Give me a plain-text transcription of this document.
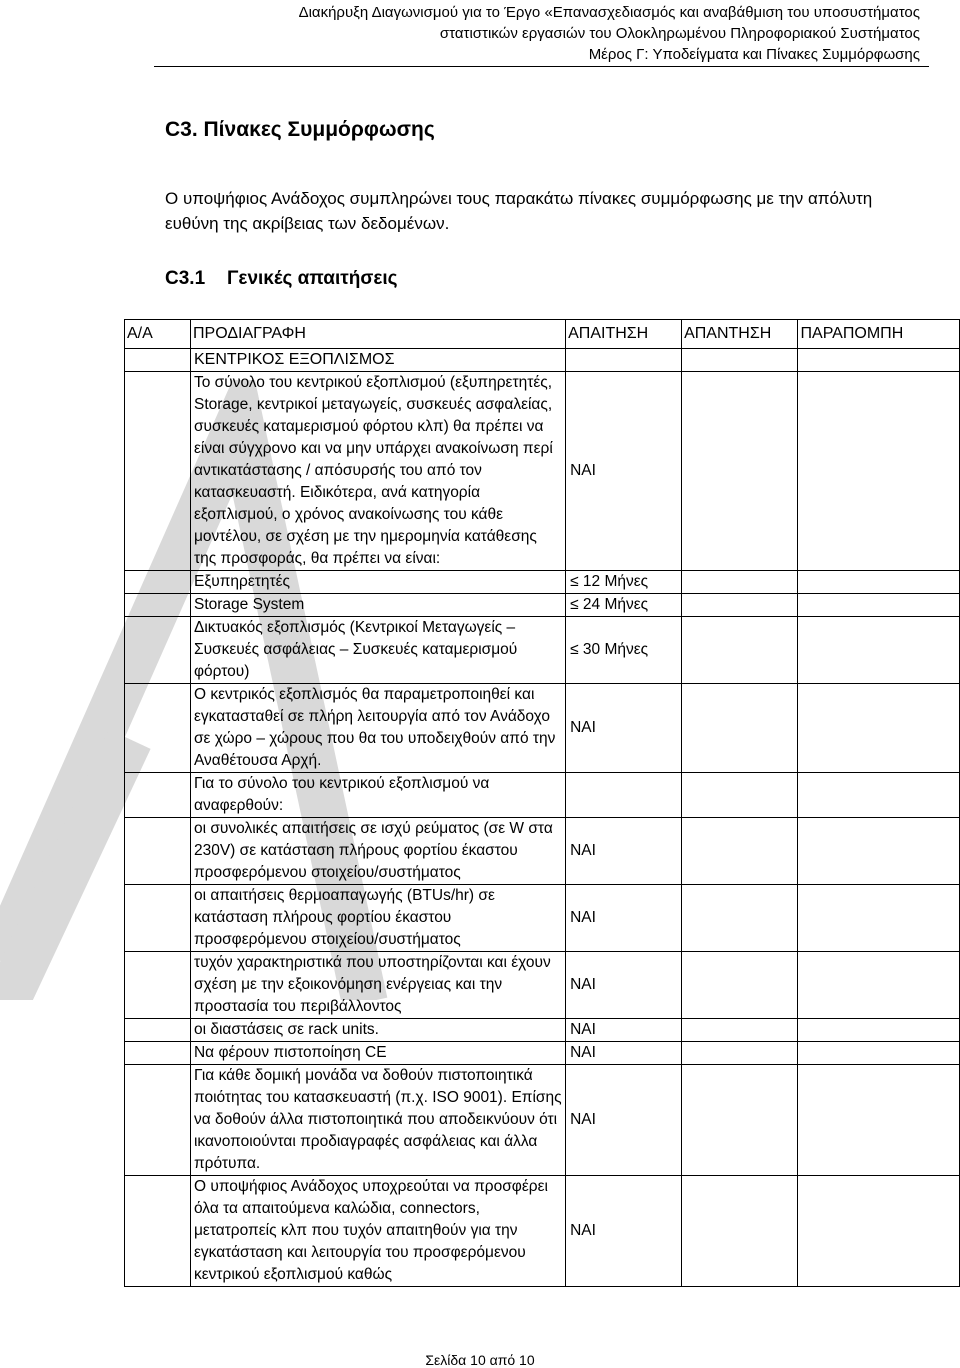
Διακήρυξη Διαγωνισμού για το Έργο «Επανασχεδιασμός και αναβάθμιση του υποσυστήματος
στατιστικών εργασιών του Ολοκληρωμένου Πληροφοριακού Συστήματος
Μέρος Γ: Υποδείγματα και Πίνακες Συμμόρφωσης
C3. Πίνακες Συμμόρφωσης
Ο υποψήφιος Ανάδοχος συμπληρώνει τους παρακάτω πίνακες συμμόρφωσης με την απόλυτη ευθύνη της ακρίβειας των δεδομένων.
C3.1 Γενικές απαιτήσεις
Α/Α	ΠΡΟΔΙΑΓΡΑΦΗ	ΑΠΑΙΤΗΣΗ	ΑΠΑΝΤΗΣΗ	ΠΑΡΑΠΟΜΠΗ
	ΚΕΝΤΡΙΚΟΣ ΕΞΟΠΛΙΣΜΟΣ			
	Το σύνολο του κεντρικού εξοπλισμού (εξυπηρετητές, Storage, κεντρικοί μεταγωγείς, συσκευές ασφαλείας, συσκευές καταμερισμού φόρτου κλπ) θα πρέπει να είναι σύγχρονο και να μην υπάρχει ανακοίνωση περί αντικατάστασης / απόσυρσής του από τον κατασκευαστή. Ειδικότερα, ανά κατηγορία εξοπλισμού, ο χρόνος ανακοίνωσης του κάθε μοντέλου, σε σχέση με την ημερομηνία κατάθεσης της προσφοράς, θα πρέπει να είναι:	ΝΑΙ		
	Εξυπηρετητές	≤ 12 Μήνες		
	Storage System	≤ 24 Μήνες		
	Δικτυακός εξοπλισμός (Κεντρικοί Μεταγωγείς – Συσκευές ασφάλειας – Συσκευές καταμερισμού φόρτου)	≤ 30 Μήνες		
	Ο κεντρικός εξοπλισμός θα παραμετροποιηθεί και εγκατασταθεί σε πλήρη λειτουργία από τον Ανάδοχο σε χώρο – χώρους που θα του υποδειχθούν από την Αναθέτουσα Αρχή.	ΝΑΙ		
	Για το σύνολο του κεντρικού εξοπλισμού να αναφερθούν:			
	οι συνολικές απαιτήσεις σε ισχύ ρεύματος (σε W στα 230V) σε κατάσταση πλήρους φορτίου έκαστου προσφερόμενου στοιχείου/συστήματος	ΝΑΙ		
	οι απαιτήσεις θερμοαπαγωγής (BTUs/hr) σε κατάσταση πλήρους φορτίου έκαστου προσφερόμενου στοιχείου/συστήματος	ΝΑΙ		
	τυχόν χαρακτηριστικά που υποστηρίζονται και έχουν σχέση με την εξοικονόμηση ενέργειας και την προστασία του περιβάλλοντος	ΝΑΙ		
	οι διαστάσεις σε rack units.	ΝΑΙ		
	Να φέρουν πιστοποίηση CE	ΝΑΙ		
	Για κάθε δομική μονάδα να δοθούν πιστοποιητικά ποιότητας του κατασκευαστή (π.χ. ISO 9001). Επίσης να δοθούν άλλα πιστοποιητικά που αποδεικνύουν ότι ικανοποιούνται προδιαγραφές ασφάλειας και άλλα πρότυπα.	ΝΑΙ		
	Ο υποψήφιος Ανάδοχος υποχρεούται να προσφέρει όλα τα απαιτούμενα καλώδια, connectors, μετατροπείς κλπ που τυχόν απαιτηθούν για την εγκατάσταση και λειτουργία του προσφερόμενου κεντρικού εξοπλισμού καθώς	ΝΑΙ		
Σελίδα 10 από 10
